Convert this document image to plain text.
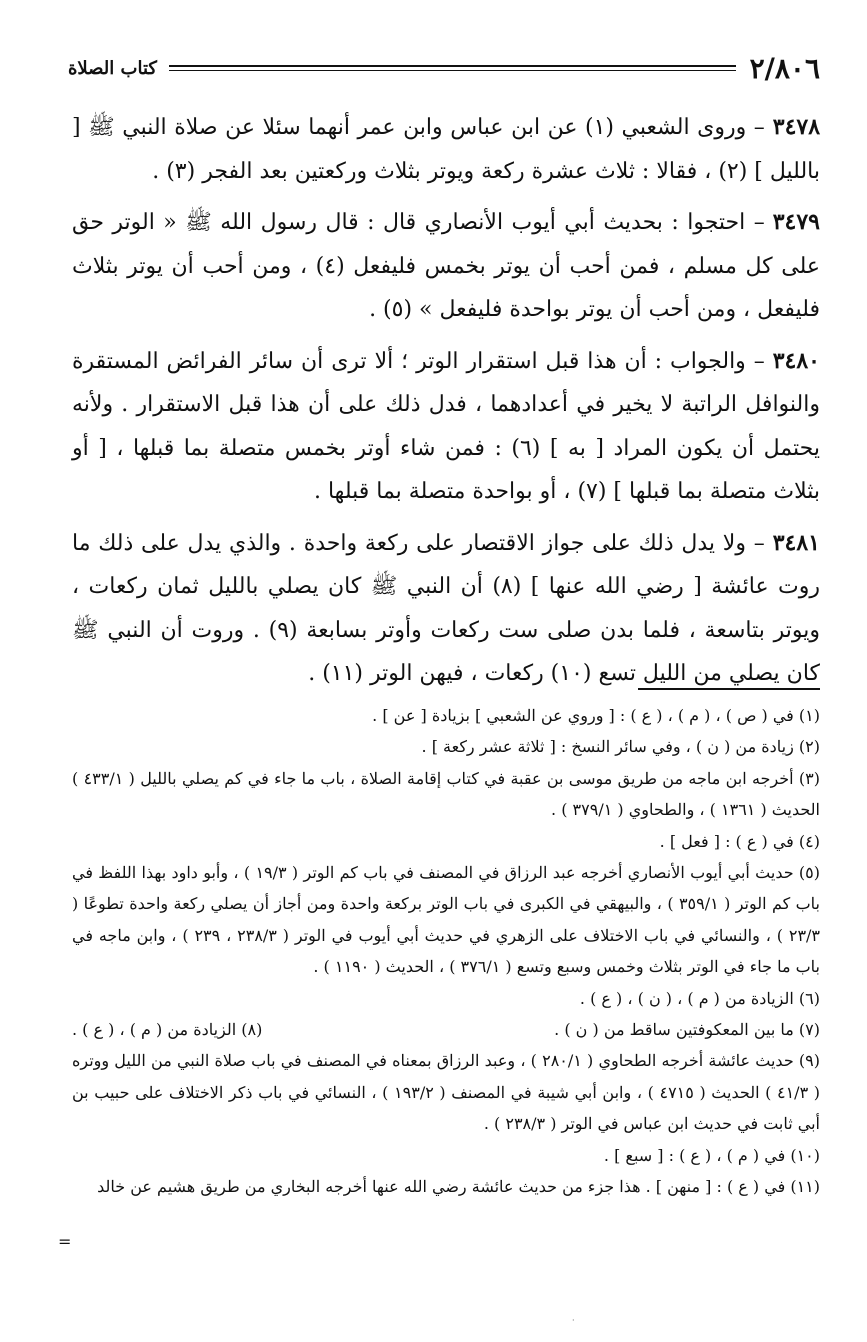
٢/٨٠٦
كتاب الصلاة

٣٤٧٨– وروى الشعبي (١) عن ابن عباس وابن عمر أنهما سئلا عن صلاة النبي ﷺ [ بالليل ] (٢) ، فقالا : ثلاث عشرة ركعة ويوتر بثلاث وركعتين بعد الفجر (٣) .

٣٤٧٩– احتجوا : بحديث أبي أيوب الأنصاري قال : قال رسول الله ﷺ « الوتر حق على كل مسلم ، فمن أحب أن يوتر بخمس فليفعل (٤) ، ومن أحب أن يوتر بثلاث فليفعل ، ومن أحب أن يوتر بواحدة فليفعل » (٥) .

٣٤٨٠– والجواب : أن هذا قبل استقرار الوتر ؛ ألا ترى أن سائر الفرائض المستقرة والنوافل الراتبة لا يخير في أعدادهما ، فدل ذلك على أن هذا قبل الاستقرار . ولأنه يحتمل أن يكون المراد [ به ] (٦) : فمن شاء أوتر بخمس متصلة بما قبلها ، [ أو بثلاث متصلة بما قبلها ] (٧) ، أو بواحدة متصلة بما قبلها .

٣٤٨١– ولا يدل ذلك على جواز الاقتصار على ركعة واحدة . والذي يدل على ذلك ما روت عائشة [ رضي الله عنها ] (٨) أن النبي ﷺ كان يصلي بالليل ثمان ركعات ، ويوتر بتاسعة ، فلما بدن صلى ست ركعات وأوتر بسابعة (٩) . وروت أن النبي ﷺ كان يصلي من الليل تسع (١٠) ركعات ، فيهن الوتر (١١) .

(١) في ( ص ) ، ( م ) ، ( ع ) : [ وروي عن الشعبي ] بزيادة [ عن ] .

(٢) زيادة من ( ن ) ، وفي سائر النسخ : [ ثلاثة عشر ركعة ] .

(٣) أخرجه ابن ماجه من طريق موسى بن عقبة في كتاب إقامة الصلاة ، باب ما جاء في كم يصلي بالليل ( ٤٣٣/١ ) الحديث ( ١٣٦١ ) ، والطحاوي ( ٣٧٩/١ ) .

(٤) في ( ع ) : [ فعل ] .

(٥) حديث أبي أيوب الأنصاري أخرجه عبد الرزاق في المصنف في باب كم الوتر ( ١٩/٣ ) ، وأبو داود بهذا اللفظ في باب كم الوتر ( ٣٥٩/١ ) ، والبيهقي في الكبرى في باب الوتر بركعة واحدة ومن أجاز أن يصلي ركعة واحدة تطوعًا ( ٢٣/٣ ) ، والنسائي في باب الاختلاف على الزهري في حديث أبي أيوب في الوتر ( ٢٣٨/٣ ، ٢٣٩ ) ، وابن ماجه في باب ما جاء في الوتر بثلاث وخمس وسبع وتسع ( ٣٧٦/١ ) ، الحديث ( ١١٩٠ ) .

(٦) الزيادة من ( م ) ، ( ن ) ، ( ع ) .
(٧) ما بين المعكوفتين ساقط من ( ن ) .
(٨) الزيادة من ( م ) ، ( ع ) .

(٩) حديث عائشة أخرجه الطحاوي ( ٢٨٠/١ ) ، وعبد الرزاق بمعناه في المصنف في باب صلاة النبي من الليل ووتره ( ٤١/٣ ) الحديث ( ٤٧١٥ ) ، وابن أبي شيبة في المصنف ( ١٩٣/٢ ) ، النسائي في باب ذكر الاختلاف على حبيب بن أبي ثابت في حديث ابن عباس في الوتر ( ٢٣٨/٣ ) .

(١٠) في ( م ) ، ( ع ) : [ سبع ] .

(١١) في ( ع ) : [ منهن ] . هذا جزء من حديث عائشة رضي الله عنها أخرجه البخاري من طريق هشيم عن خالد

=
·
